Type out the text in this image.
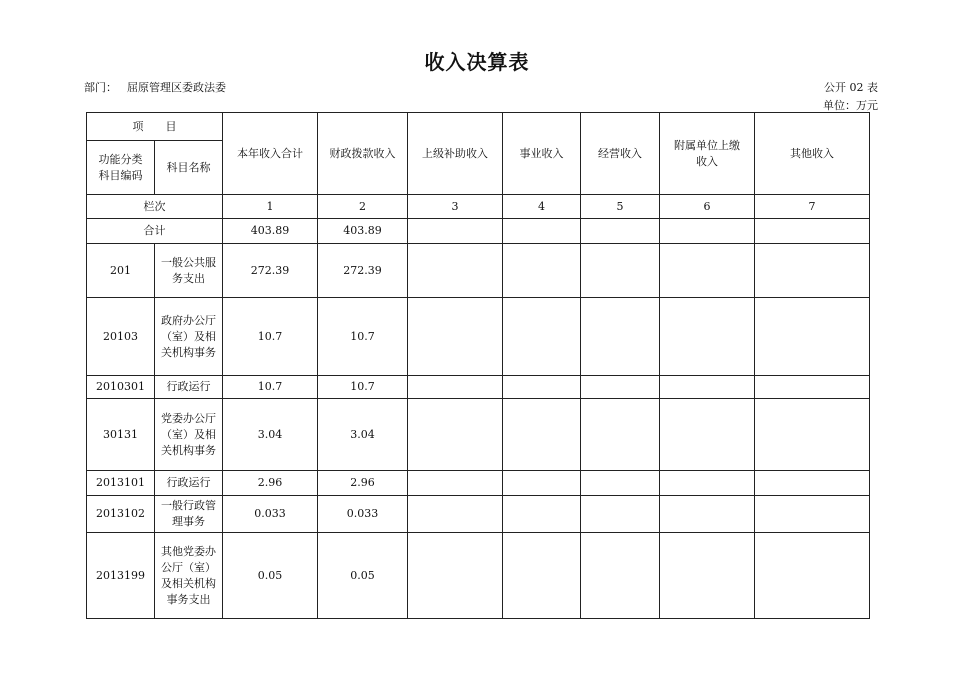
收入决算表
部门： 屈原管理区委政法委	公开 02 表
单位：万元
项　　目		本年收入合计	财政拨款收入	上级补助收入	事业收入	经营收入	附属单位上缴收入	其他收入
功能分类科目编码	科目名称							
栏次		1	2	3	4	5	6	7
合计		403.89	403.89					
201	一般公共服务支出	272.39	272.39					
20103	政府办公厅（室）及相关机构事务	10.7	10.7					
2010301	行政运行	10.7	10.7					
30131	党委办公厅（室）及相关机构事务	3.04	3.04					
2013101	行政运行	2.96	2.96					
2013102	一般行政管理事务	0.033	0.033					
2013199	其他党委办公厅（室）及相关机构事务支出	0.05	0.05					
